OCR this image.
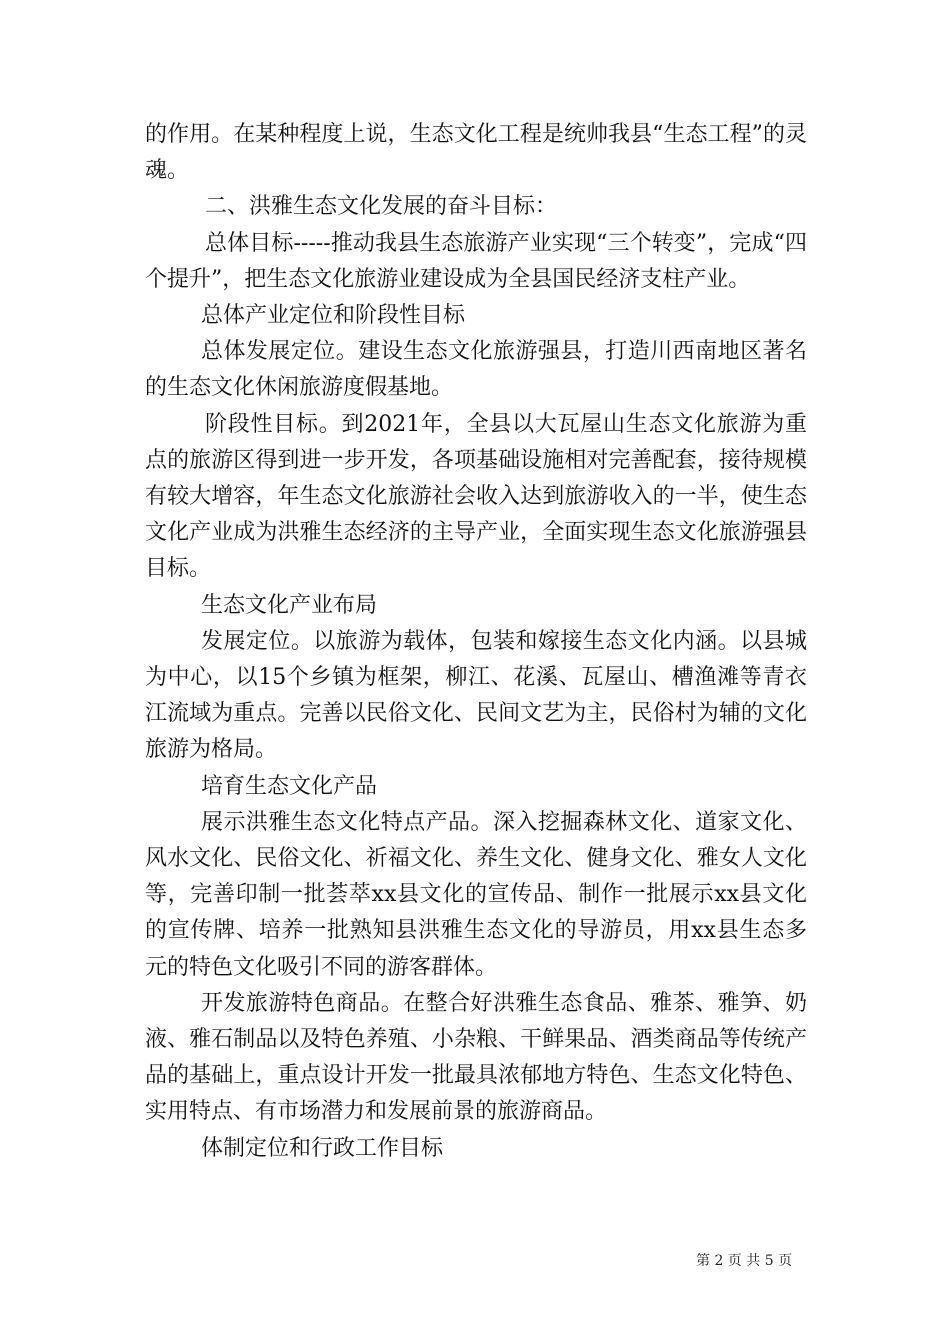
的作用。在某种程度上说，生态文化工程是统帅我县“生态工程”的灵魂。

二、洪雅生态文化发展的奋斗目标：

总体目标-----推动我县生态旅游产业实现“三个转变”，完成“四个提升”，把生态文化旅游业建设成为全县国民经济支柱产业。

总体产业定位和阶段性目标

总体发展定位。建设生态文化旅游强县，打造川西南地区著名的生态文化休闲旅游度假基地。

阶段性目标。到2021年，全县以大瓦屋山生态文化旅游为重点的旅游区得到进一步开发，各项基础设施相对完善配套，接待规模有较大增容，年生态文化旅游社会收入达到旅游收入的一半，使生态文化产业成为洪雅生态经济的主导产业，全面实现生态文化旅游强县目标。

生态文化产业布局

发展定位。以旅游为载体，包装和嫁接生态文化内涵。以县城为中心，以15个乡镇为框架，柳江、花溪、瓦屋山、槽渔滩等青衣江流域为重点。完善以民俗文化、民间文艺为主，民俗村为辅的文化旅游为格局。

培育生态文化产品

展示洪雅生态文化特点产品。深入挖掘森林文化、道家文化、风水文化、民俗文化、祈福文化、养生文化、健身文化、雅女人文化等，完善印制一批荟萃xx县文化的宣传品、制作一批展示xx县文化的宣传牌、培养一批熟知县洪雅生态文化的导游员，用xx县生态多元的特色文化吸引不同的游客群体。

开发旅游特色商品。在整合好洪雅生态食品、雅茶、雅笋、奶液、雅石制品以及特色养殖、小杂粮、干鲜果品、酒类商品等传统产品的基础上，重点设计开发一批最具浓郁地方特色、生态文化特色、实用特点、有市场潜力和发展前景的旅游商品。

体制定位和行政工作目标

第 2 页 共 5 页
